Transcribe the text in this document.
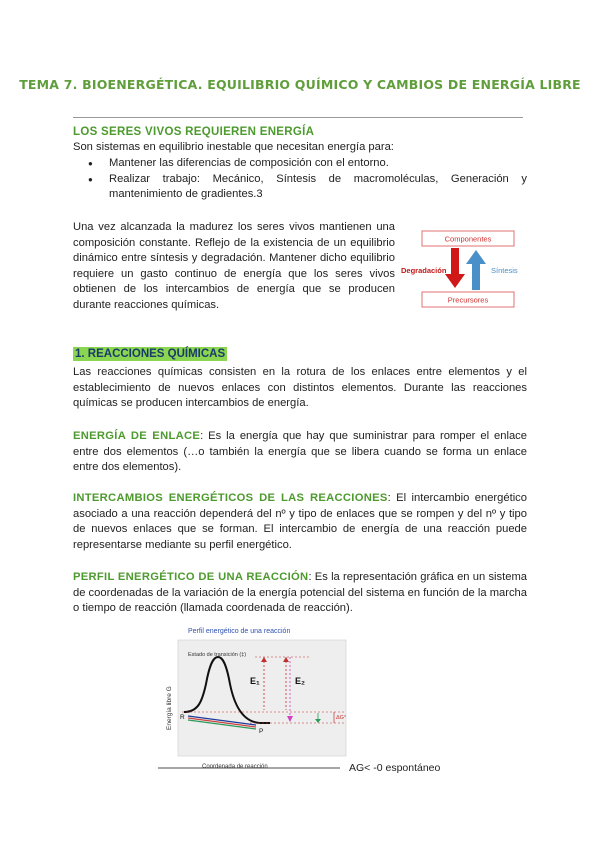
TEMA 7. BIOENERGÉTICA. EQUILIBRIO QUÍMICO Y CAMBIOS DE ENERGÍA LIBRE
LOS SERES VIVOS REQUIEREN ENERGÍA

Son sistemas en equilibrio inestable que necesitan energía para:

● Mantener las diferencias de composición con el entorno.
● Realizar trabajo: Mecánico, Síntesis de macromoléculas, Generación y mantenimiento de gradientes.3

Una vez alcanzada la madurez los seres vivos mantienen una composición constante. Reflejo de la existencia de un equilibrio dinámico entre síntesis y degradación. Mantener dicho equilibrio requiere un gasto continuo de energía que los seres vivos obtienen de los intercambios de energía que se producen durante reacciones químicas.

Componentes
Precursores
Degradación	Síntesis
1. REACCIONES QUÍMICAS

Las reacciones químicas consisten en la rotura de los enlaces entre elementos y el establecimiento de nuevos enlaces con distintos elementos. Durante las reacciones químicas se producen intercambios de energía.

ENERGÍA DE ENLACE: Es la energía que hay que suministrar para romper el enlace entre dos elementos (…o también la energía que se libera cuando se forma un enlace entre dos elementos).

INTERCAMBIOS ENERGÉTICOS DE LAS REACCIONES: El intercambio energético asociado a una reacción dependerá del nº y tipo de enlaces que se rompen y del nº y tipo de nuevos enlaces que se forman. El intercambio de energía de una reacción puede representarse mediante su perfil energético.

PERFIL ENERGÉTICO DE UNA REACCIÓN: Es la representación gráfica en un sistema de coordenadas de la variación de la energía potencial del sistema en función de la marcha o tiempo de reacción (llamada coordenada de reacción).

Perfil energético de una reacción
Estado de transición (‡)
Energía libre G
Coordenada de reacción
R
P
E₁	E₂
ΔG°
AG< -0 espontáneo
